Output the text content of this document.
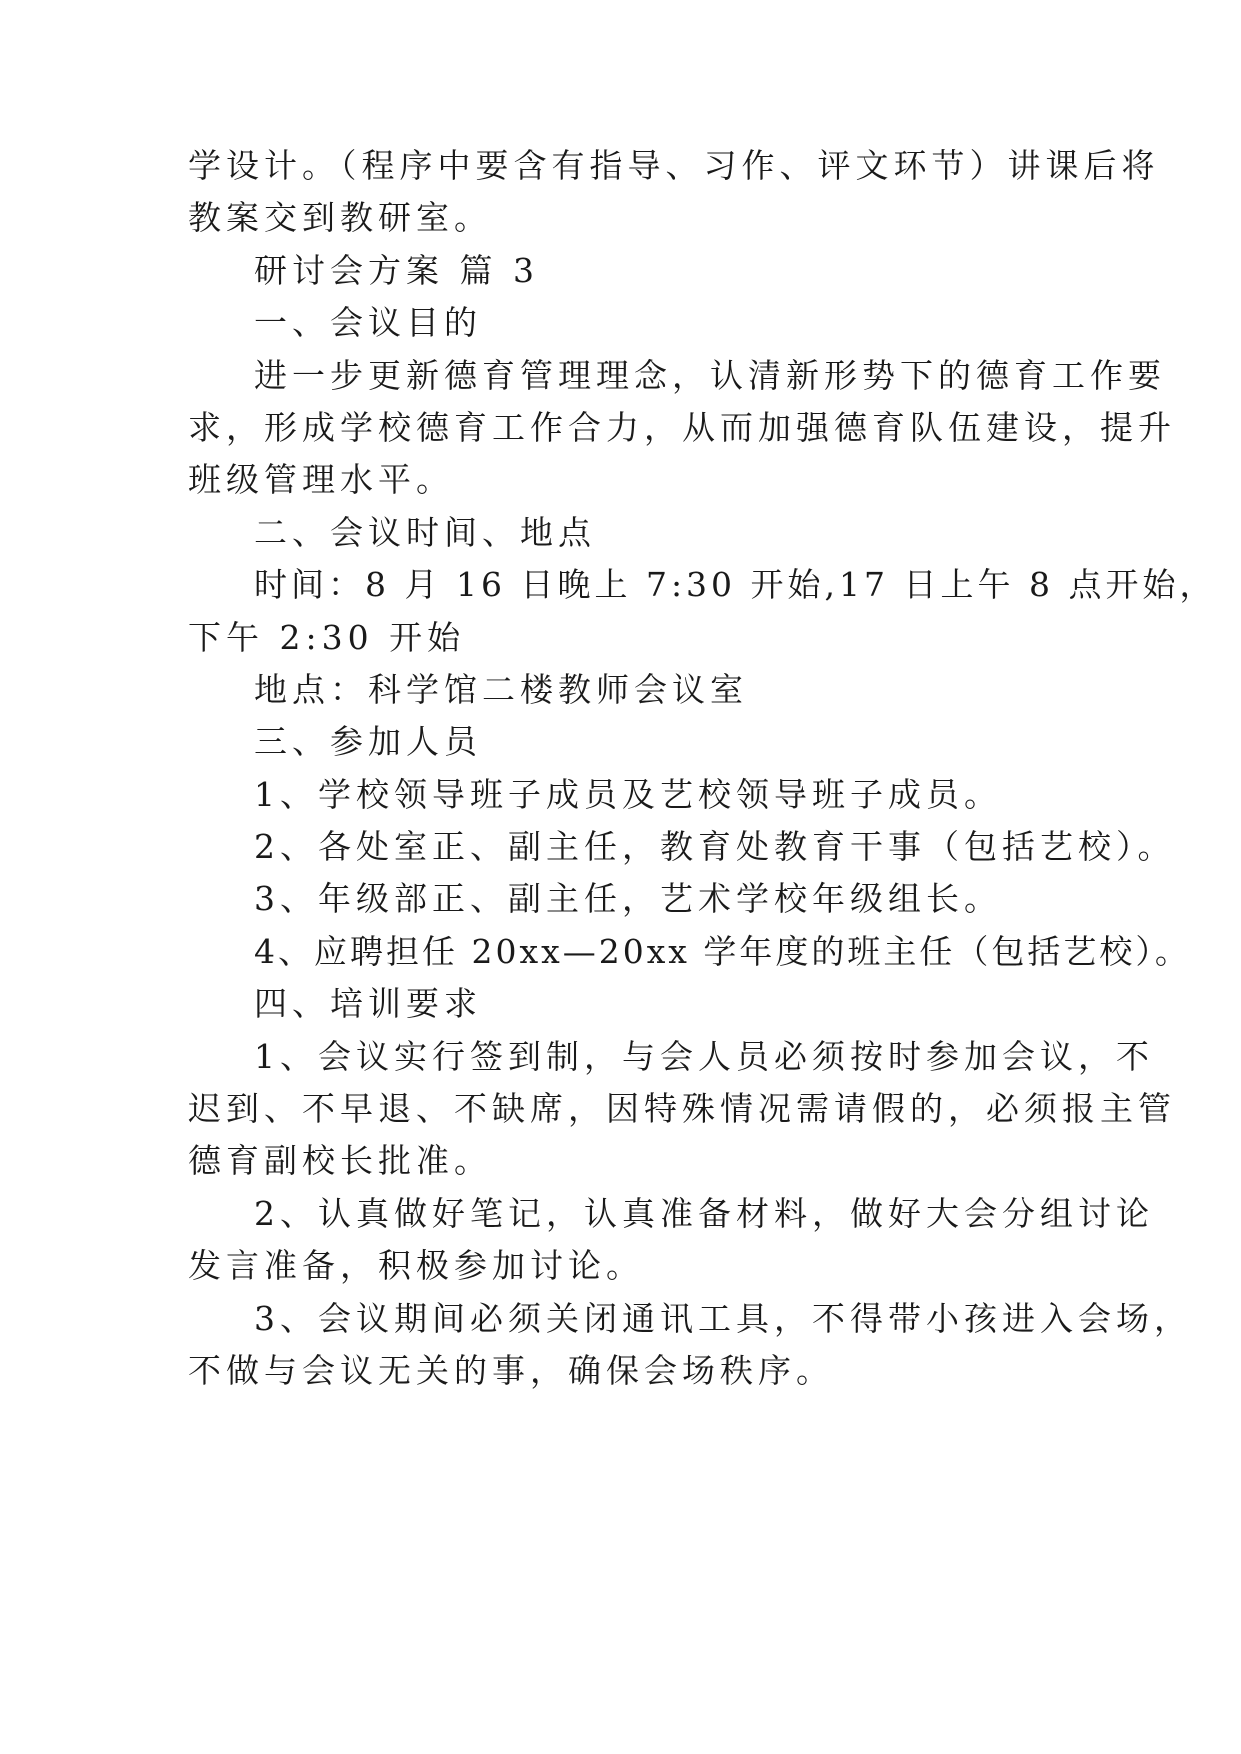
学设计。（程序中要含有指导、习作、评文环节）讲课后将
教案交到教研室。
研讨会方案 篇 3
一、会议目的
进一步更新德育管理理念，认清新形势下的德育工作要
求，形成学校德育工作合力，从而加强德育队伍建设，提升
班级管理水平。
二、会议时间、地点
时间：8 月 16 日晚上 7:30 开始,17 日上午 8 点开始，
下午 2:30 开始
地点：科学馆二楼教师会议室
三、参加人员
1、学校领导班子成员及艺校领导班子成员。
2、各处室正、副主任，教育处教育干事（包括艺校）。
3、年级部正、副主任，艺术学校年级组长。
4、应聘担任 20xx—20xx 学年度的班主任（包括艺校）。
四、培训要求
1、会议实行签到制，与会人员必须按时参加会议，不
迟到、不早退、不缺席，因特殊情况需请假的，必须报主管
德育副校长批准。
2、认真做好笔记，认真准备材料，做好大会分组讨论
发言准备，积极参加讨论。
3、会议期间必须关闭通讯工具，不得带小孩进入会场，
不做与会议无关的事，确保会场秩序。
